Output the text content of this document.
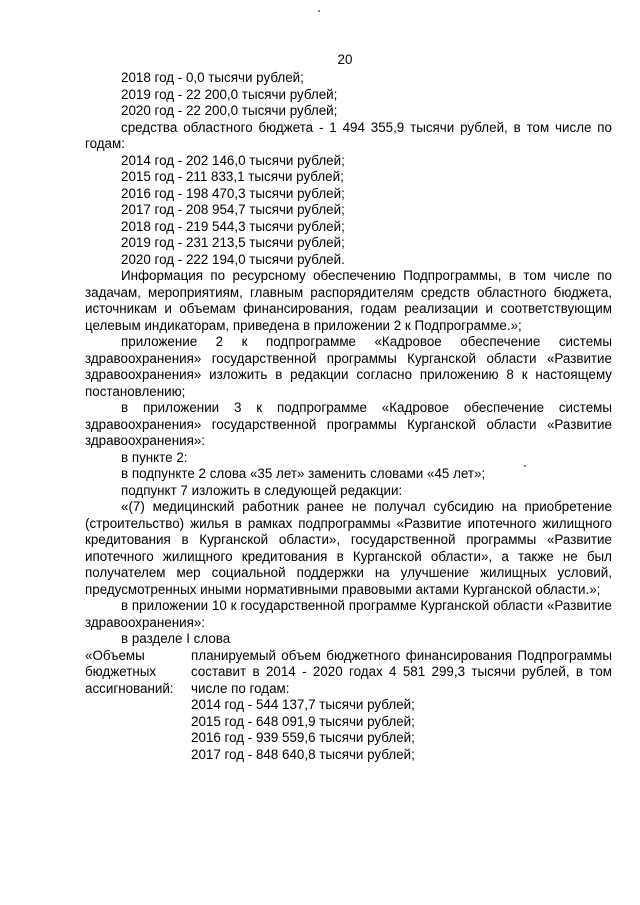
20
2018 год - 0,0 тысячи рублей;
2019 год - 22 200,0 тысячи рублей;
2020 год - 22 200,0 тысячи рублей;
средства областного бюджета - 1 494 355,9 тысячи рублей, в том числе по годам:
2014 год - 202 146,0 тысячи рублей;
2015 год - 211 833,1 тысячи рублей;
2016 год - 198 470,3 тысячи рублей;
2017 год - 208 954,7 тысячи рублей;
2018 год - 219 544,3 тысячи рублей;
2019 год - 231 213,5 тысячи рублей;
2020 год - 222 194,0 тысячи рублей.
Информация по ресурсному обеспечению Подпрограммы, в том числе по задачам, мероприятиям, главным распорядителям средств областного бюджета, источникам и объемам финансирования, годам реализации и соответствующим целевым индикаторам, приведена в приложении 2 к Подпрограмме.»;
приложение 2 к подпрограмме «Кадровое обеспечение системы здравоохранения» государственной программы Курганской области «Развитие здравоохранения» изложить в редакции согласно приложению 8 к настоящему постановлению;
в приложении 3 к подпрограмме «Кадровое обеспечение системы здравоохранения» государственной программы Курганской области «Развитие здравоохранения»:
в пункте 2:
в подпункте 2 слова «35 лет» заменить словами «45 лет»;
подпункт 7 изложить в следующей редакции:
«(7) медицинский работник ранее не получал субсидию на приобретение (строительство) жилья в рамках подпрограммы «Развитие ипотечного жилищного кредитования в Курганской области», государственной программы «Развитие ипотечного жилищного кредитования в Курганской области», а также не был получателем мер социальной поддержки на улучшение жилищных условий, предусмотренных иными нормативными правовыми актами Курганской области.»;
в приложении 10 к государственной программе Курганской области «Развитие здравоохранения»:
в разделе I слова
«Объемы
бюджетных
ассигнований:
планируемый объем бюджетного финансирования Подпрограммы составит в 2014 - 2020 годах 4 581 299,3 тысячи рублей, в том числе по годам:
2014 год - 544 137,7 тысячи рублей;
2015 год - 648 091,9 тысячи рублей;
2016 год - 939 559,6 тысячи рублей;
2017 год - 848 640,8 тысячи рублей;
